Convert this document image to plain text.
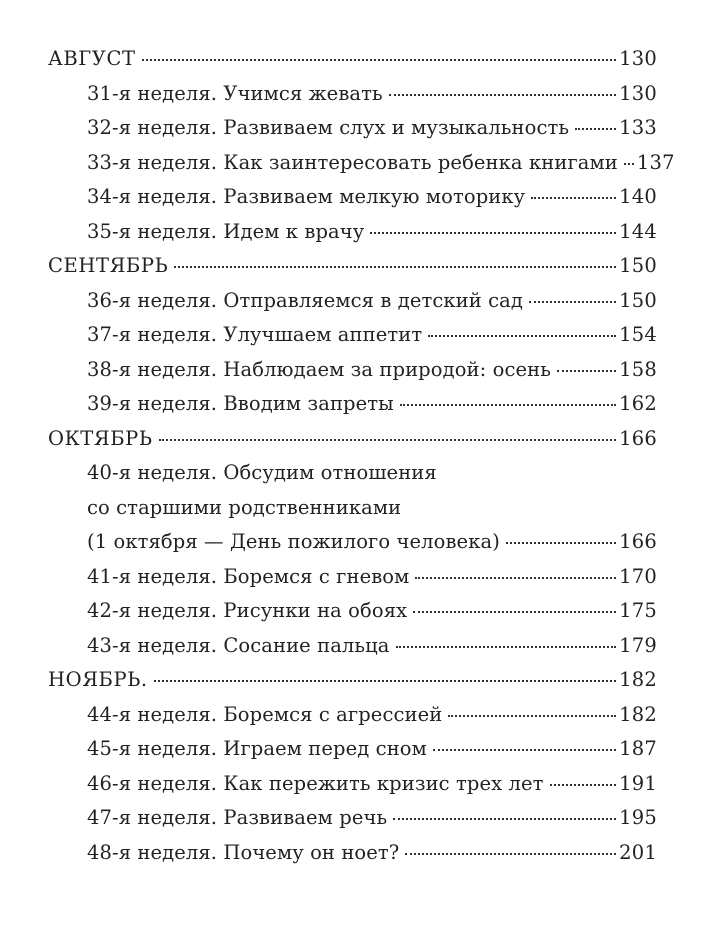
АВГУСТ	130
31-я неделя. Учимся жевать	130
32-я неделя. Развиваем слух и музыкальность	133
33-я неделя. Как заинтересовать ребенка книгами 137
34-я неделя. Развиваем мелкую моторику	140
35-я неделя. Идем к врачу	144
СЕНТЯБРЬ	150
36-я неделя. Отправляемся в детский сад	150
37-я неделя. Улучшаем аппетит	154
38-я неделя. Наблюдаем за природой: осень	158
39-я неделя. Вводим запреты	162
ОКТЯБРЬ	166
40-я неделя. Обсудим отношения
со старшими родственниками
(1 октября — День пожилого человека)	166
41-я неделя. Боремся с гневом	170
42-я неделя. Рисунки на обоях	175
43-я неделя. Сосание пальца	179
НОЯБРЬ.	182
44-я неделя. Боремся с агрессией	182
45-я неделя. Играем перед сном	187
46-я неделя. Как пережить кризис трех лет	191
47-я неделя. Развиваем речь	195
48-я неделя. Почему он ноет?	201
